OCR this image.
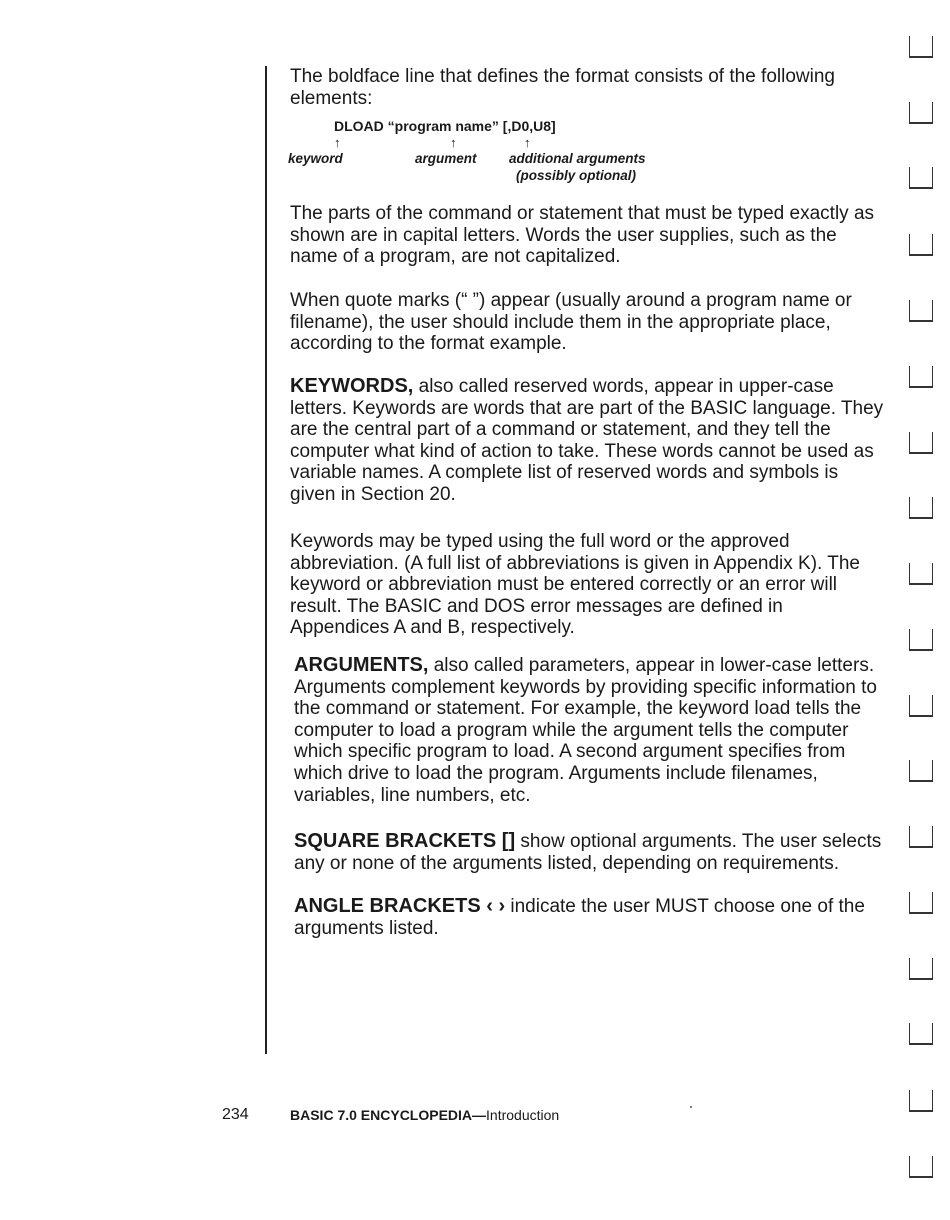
The boldface line that defines the format consists of the following elements:

DLOAD “program name” [,D0,U8]
↑	↑	↑
keyword	argument additional arguments
(possibly optional)

The parts of the command or statement that must be typed exactly as shown are in capital letters. Words the user supplies, such as the name of a program, are not capitalized.

When quote marks (“ ”) appear (usually around a program name or filename), the user should include them in the appropriate place, according to the format example.

KEYWORDS, also called reserved words, appear in upper-case letters. Keywords are words that are part of the BASIC language. They are the central part of a command or statement, and they tell the computer what kind of action to take. These words cannot be used as variable names. A complete list of reserved words and symbols is given in Section 20.

Keywords may be typed using the full word or the approved abbreviation. (A full list of abbreviations is given in Appendix K). The keyword or abbreviation must be entered correctly or an error will result. The BASIC and DOS error messages are defined in Appendices A and B, respectively.

ARGUMENTS, also called parameters, appear in lower-case letters. Arguments complement keywords by providing specific information to the command or statement. For example, the keyword load tells the computer to load a program while the argument tells the computer which specific program to load. A second argument specifies from which drive to load the program. Arguments include filenames, variables, line numbers, etc.

SQUARE BRACKETS [] show optional arguments. The user selects any or none of the arguments listed, depending on requirements.

ANGLE BRACKETS ‹ › indicate the user MUST choose one of the arguments listed.

234	BASIC 7.0 ENCYCLOPEDIA—Introduction
